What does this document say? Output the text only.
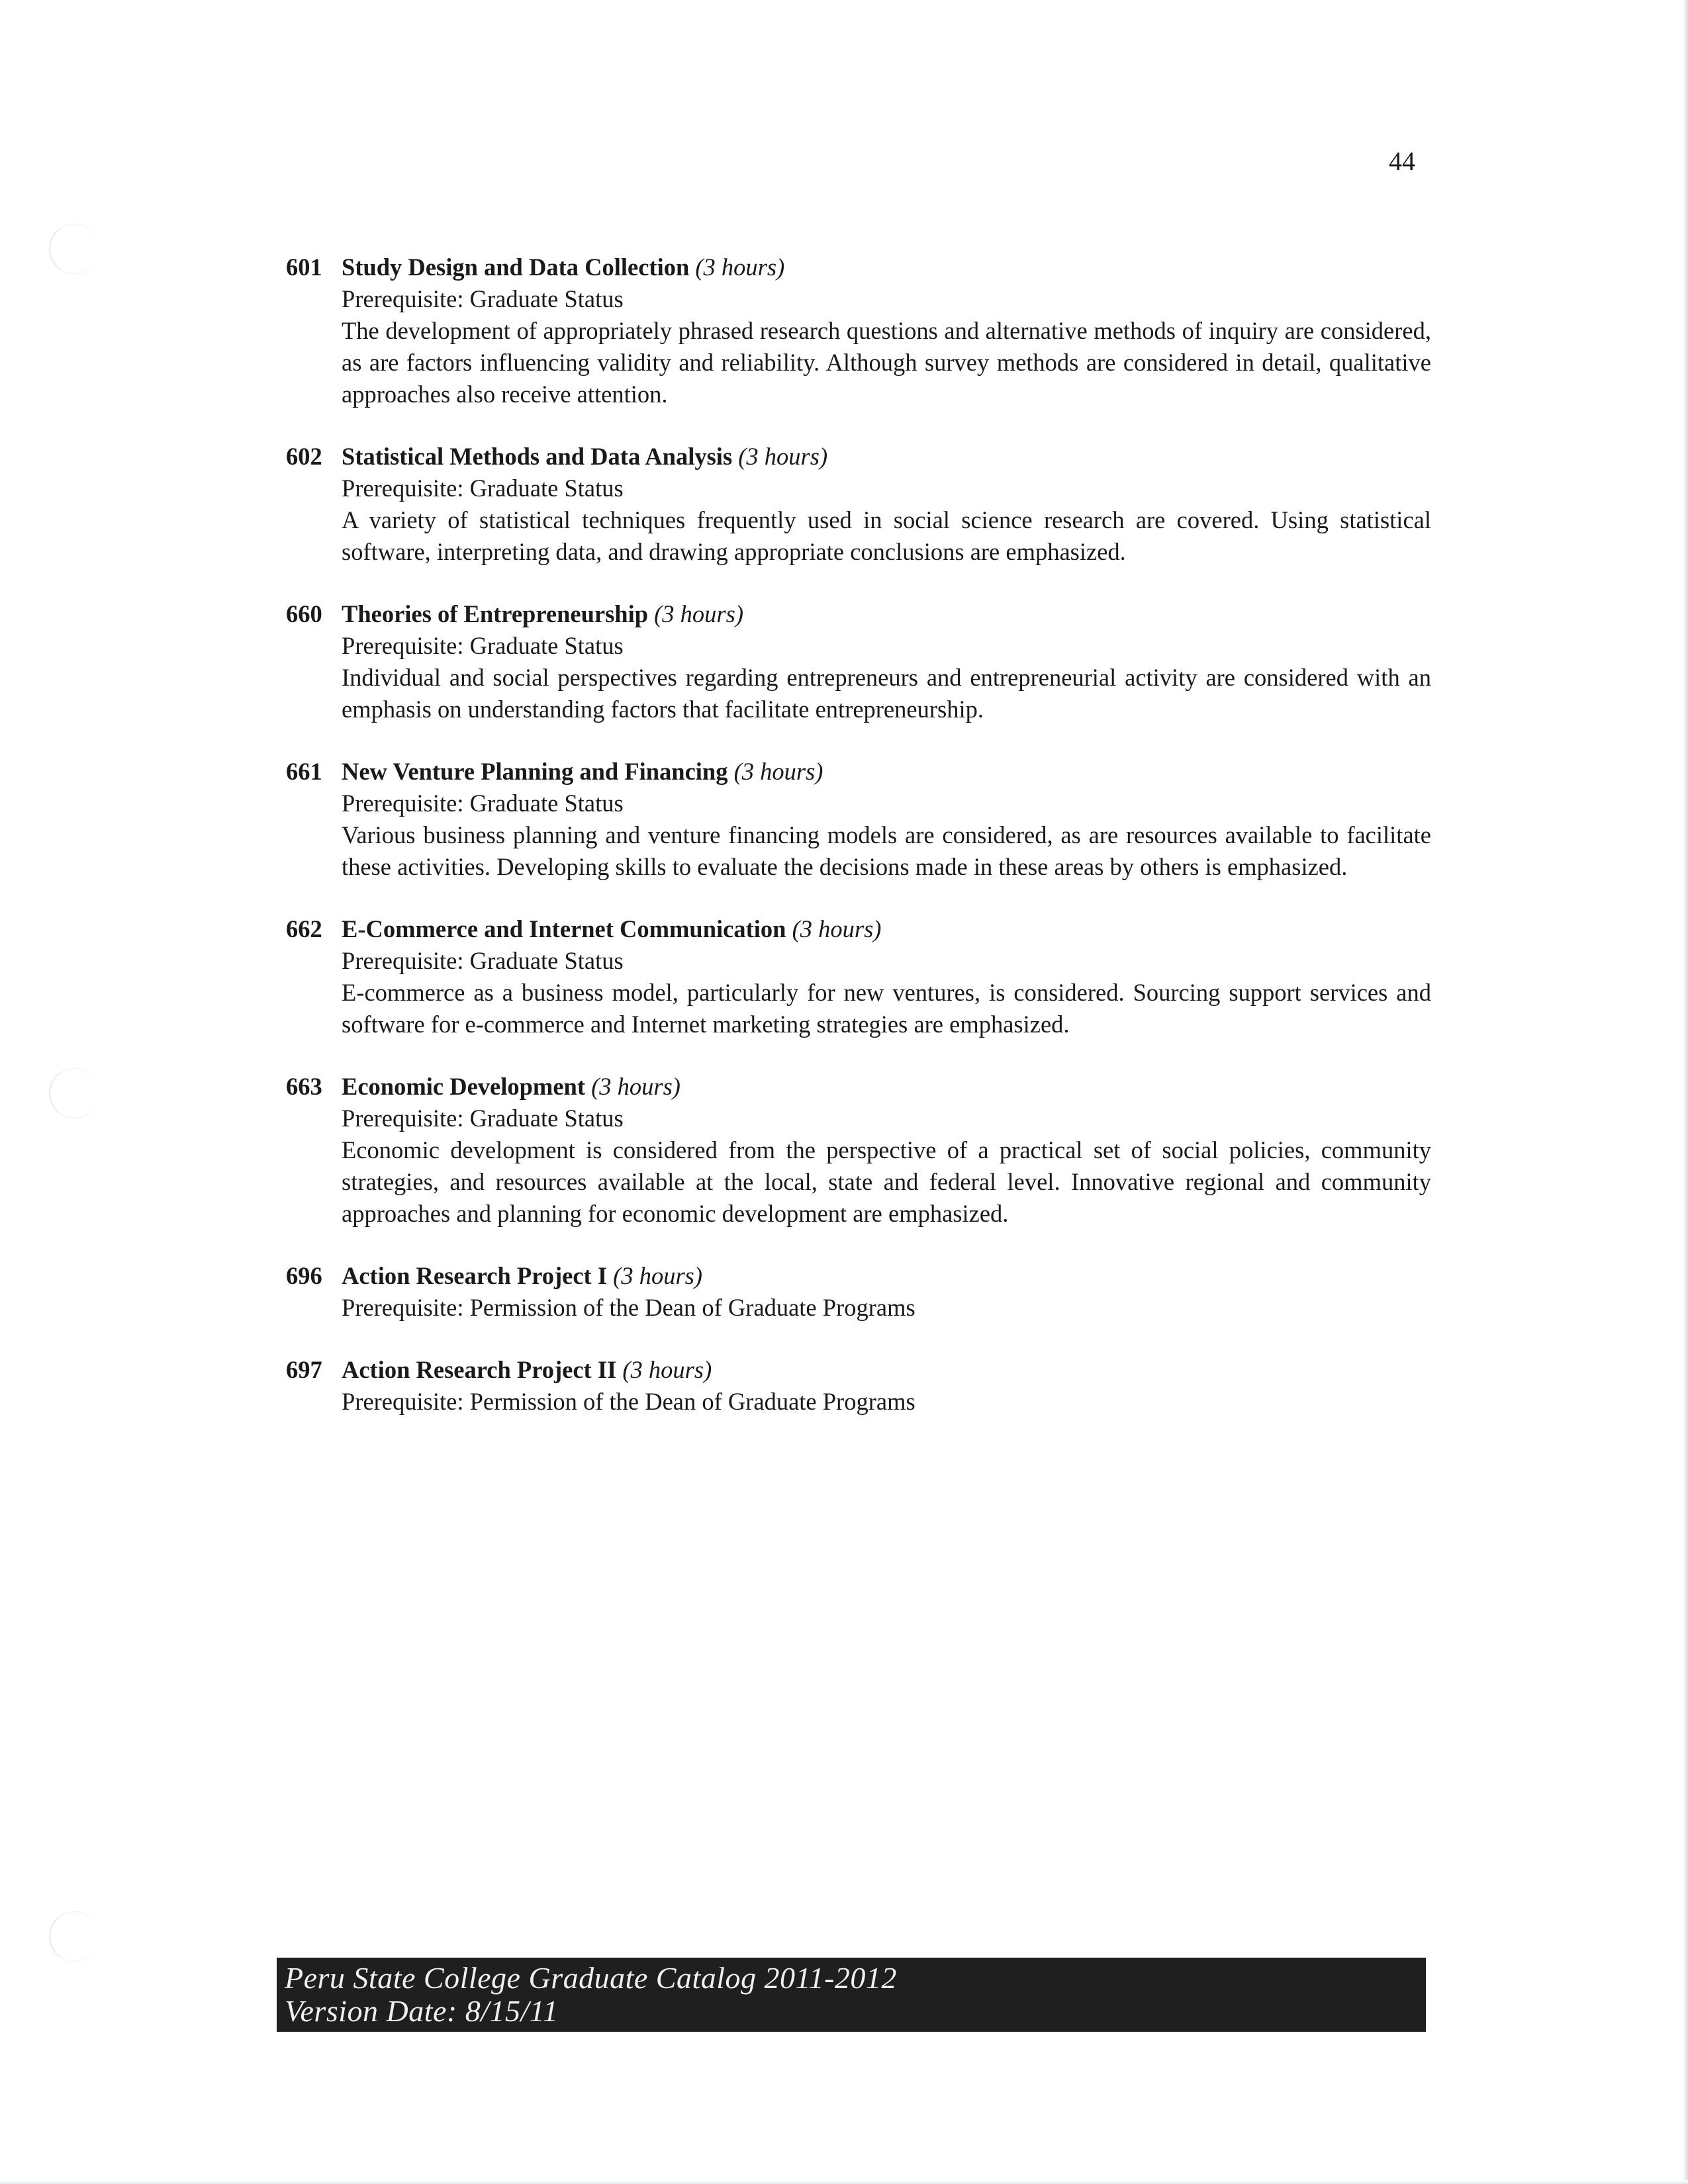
44
601 Study Design and Data Collection (3 hours)
Prerequisite: Graduate Status
The development of appropriately phrased research questions and alternative methods of inquiry are considered, as are factors influencing validity and reliability. Although survey methods are considered in detail, qualitative approaches also receive attention.
602 Statistical Methods and Data Analysis (3 hours)
Prerequisite: Graduate Status
A variety of statistical techniques frequently used in social science research are covered. Using statistical software, interpreting data, and drawing appropriate conclusions are emphasized.
660 Theories of Entrepreneurship (3 hours)
Prerequisite: Graduate Status
Individual and social perspectives regarding entrepreneurs and entrepreneurial activity are considered with an emphasis on understanding factors that facilitate entrepreneurship.
661 New Venture Planning and Financing (3 hours)
Prerequisite: Graduate Status
Various business planning and venture financing models are considered, as are resources available to facilitate these activities. Developing skills to evaluate the decisions made in these areas by others is emphasized.
662 E-Commerce and Internet Communication (3 hours)
Prerequisite: Graduate Status
E-commerce as a business model, particularly for new ventures, is considered. Sourcing support services and software for e-commerce and Internet marketing strategies are emphasized.
663 Economic Development (3 hours)
Prerequisite: Graduate Status
Economic development is considered from the perspective of a practical set of social policies, community strategies, and resources available at the local, state and federal level. Innovative regional and community approaches and planning for economic development are emphasized.
696 Action Research Project I (3 hours)
Prerequisite: Permission of the Dean of Graduate Programs
697 Action Research Project II (3 hours)
Prerequisite: Permission of the Dean of Graduate Programs
Peru State College Graduate Catalog 2011-2012
Version Date: 8/15/11
